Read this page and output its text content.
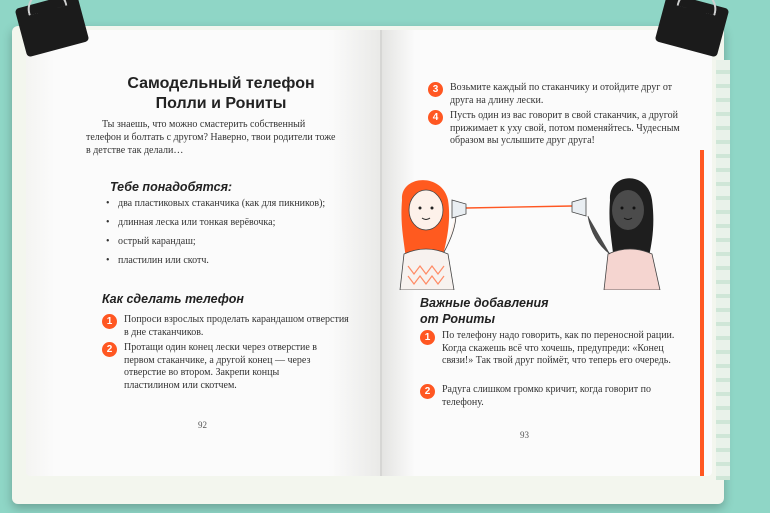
Самодельный телефон
Полли и Рониты
Ты знаешь, что можно смастерить собственный телефон и болтать с другом? Наверно, твои родители тоже в детстве так делали…
Тебе понадобятся:
• два пластиковых стаканчика (как для пикников);
• длинная леска или тонкая верёвочка;
• острый карандаш;
• пластилин или скотч.
Как сделать телефон
1	Попроси взрослых проделать карандашом отверстия в дне стаканчиков.
2	Протащи один конец лески через отверстие в первом стаканчике, а другой конец — через отверстие во втором. Закрепи концы пластилином или скотчем.
92
3	Возьмите каждый по стаканчику и отойдите друг от друга на длину лески.
4	Пусть один из вас говорит в свой стаканчик, а другой прижимает к уху свой, потом поменяйтесь. Чудесным образом вы услышите друг друга!
Важные добавления
от Рониты
1	По телефону надо говорить, как по переносной рации. Когда скажешь всё что хочешь, предупреди: «Конец связи!» Так твой друг поймёт, что теперь его очередь.
2	Радуга слишком громко кричит, когда говорит по телефону.
93
